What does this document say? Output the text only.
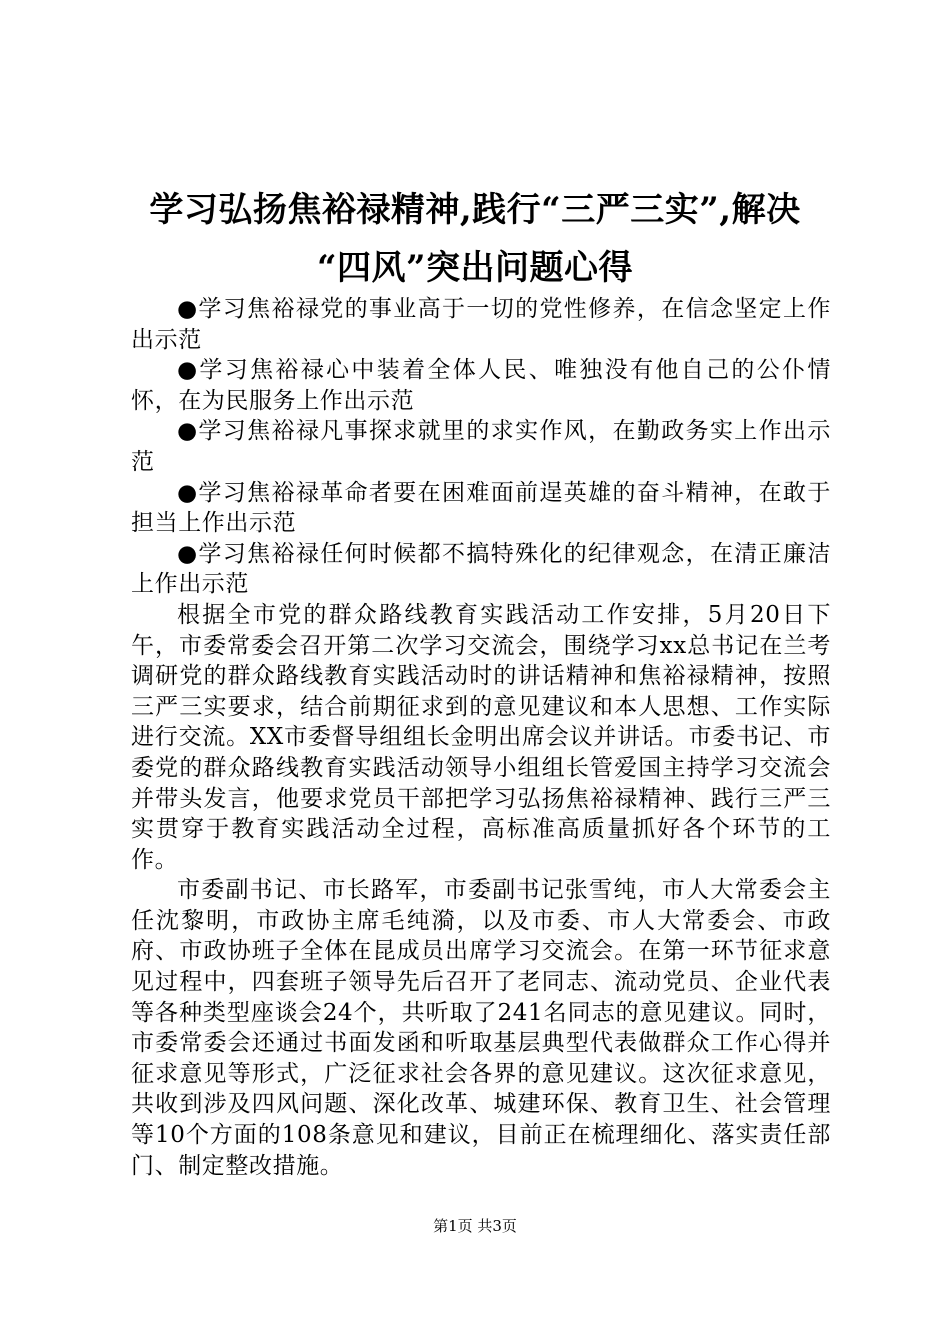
学习弘扬焦裕禄精神,践行“三严三实”,解决
“四风”突出问题心得

●学习焦裕禄党的事业高于一切的党性修养，在信念坚定上作出示范

●学习焦裕禄心中装着全体人民、唯独没有他自己的公仆情怀，在为民服务上作出示范

●学习焦裕禄凡事探求就里的求实作风，在勤政务实上作出示范

●学习焦裕禄革命者要在困难面前逞英雄的奋斗精神，在敢于担当上作出示范

●学习焦裕禄任何时候都不搞特殊化的纪律观念，在清正廉洁上作出示范

根据全市党的群众路线教育实践活动工作安排，5月20日下午，市委常委会召开第二次学习交流会，围绕学习xx总书记在兰考调研党的群众路线教育实践活动时的讲话精神和焦裕禄精神，按照三严三实要求，结合前期征求到的意见建议和本人思想、工作实际进行交流。XX市委督导组组长金明出席会议并讲话。市委书记、市委党的群众路线教育实践活动领导小组组长管爱国主持学习交流会并带头发言，他要求党员干部把学习弘扬焦裕禄精神、践行三严三实贯穿于教育实践活动全过程，高标准高质量抓好各个环节的工作。

市委副书记、市长路军，市委副书记张雪纯，市人大常委会主任沈黎明，市政协主席毛纯漪，以及市委、市人大常委会、市政府、市政协班子全体在昆成员出席学习交流会。在第一环节征求意见过程中，四套班子领导先后召开了老同志、流动党员、企业代表等各种类型座谈会24个，共听取了241名同志的意见建议。同时，市委常委会还通过书面发函和听取基层典型代表做群众工作心得并征求意见等形式，广泛征求社会各界的意见建议。这次征求意见，共收到涉及四风问题、深化改革、城建环保、教育卫生、社会管理等10个方面的108条意见和建议，目前正在梳理细化、落实责任部门、制定整改措施。

第1页 共3页
